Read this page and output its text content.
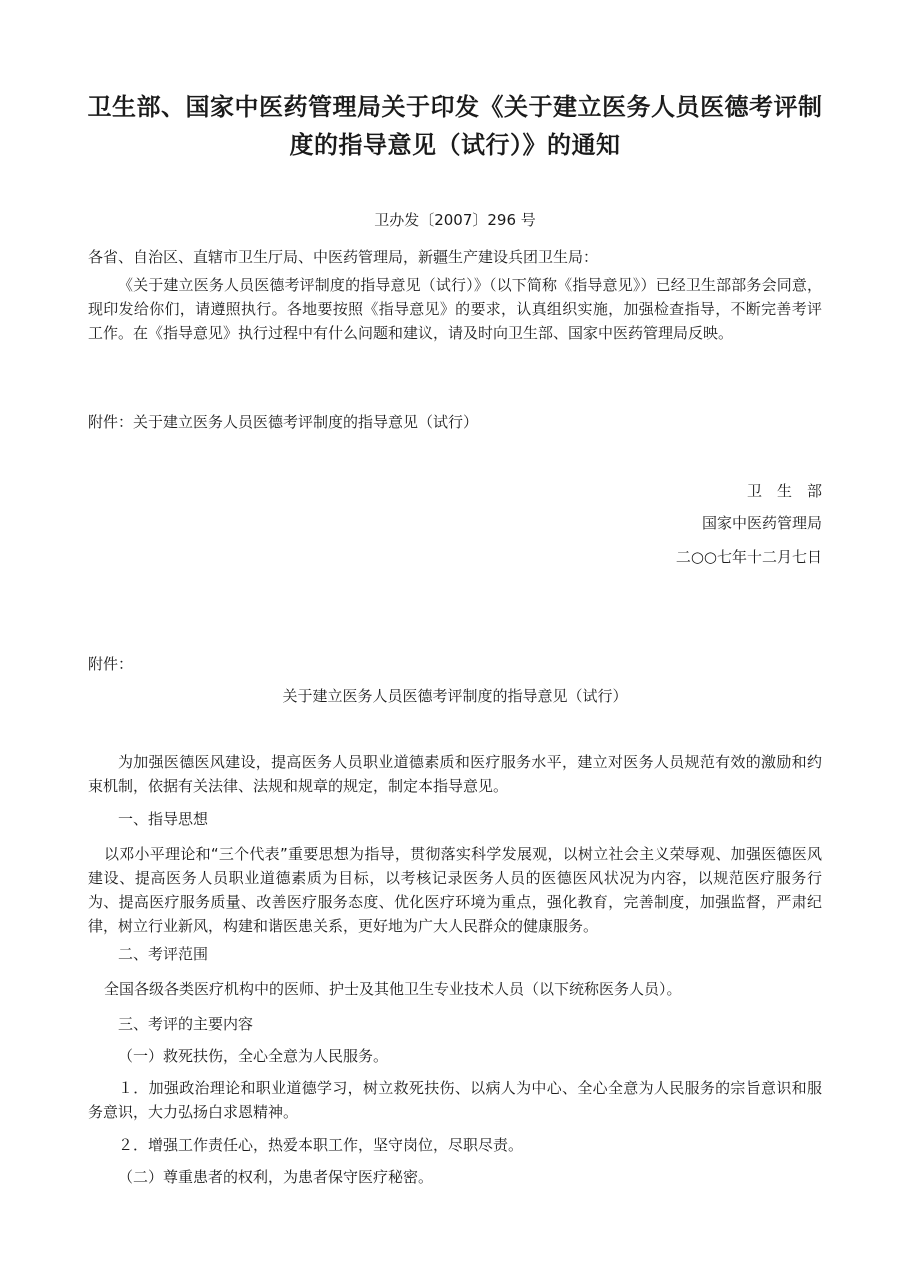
卫生部、国家中医药管理局关于印发《关于建立医务人员医德考评制
度的指导意见（试行）》的通知
卫办发〔2007〕296 号
各省、自治区、直辖市卫生厅局、中医药管理局，新疆生产建设兵团卫生局：
《关于建立医务人员医德考评制度的指导意见（试行）》（以下简称《指导意见》）已经卫生部部务会同意，现印发给你们，请遵照执行。各地要按照《指导意见》的要求，认真组织实施，加强检查指导，不断完善考评工作。在《指导意见》执行过程中有什么问题和建议，请及时向卫生部、国家中医药管理局反映。
附件：关于建立医务人员医德考评制度的指导意见（试行）
卫　生　部
国家中医药管理局
二○○七年十二月七日
附件：
关于建立医务人员医德考评制度的指导意见（试行）
为加强医德医风建设，提高医务人员职业道德素质和医疗服务水平，建立对医务人员规范有效的激励和约束机制，依据有关法律、法规和规章的规定，制定本指导意见。
一、指导思想
以邓小平理论和“三个代表”重要思想为指导，贯彻落实科学发展观，以树立社会主义荣辱观、加强医德医风建设、提高医务人员职业道德素质为目标，以考核记录医务人员的医德医风状况为内容，以规范医疗服务行为、提高医疗服务质量、改善医疗服务态度、优化医疗环境为重点，强化教育，完善制度，加强监督，严肃纪律，树立行业新风，构建和谐医患关系，更好地为广大人民群众的健康服务。
二、考评范围
全国各级各类医疗机构中的医师、护士及其他卫生专业技术人员（以下统称医务人员）。
三、考评的主要内容
（一）救死扶伤，全心全意为人民服务。
１．加强政治理论和职业道德学习，树立救死扶伤、以病人为中心、全心全意为人民服务的宗旨意识和服务意识，大力弘扬白求恩精神。
２．增强工作责任心，热爱本职工作，坚守岗位，尽职尽责。
（二）尊重患者的权利，为患者保守医疗秘密。
